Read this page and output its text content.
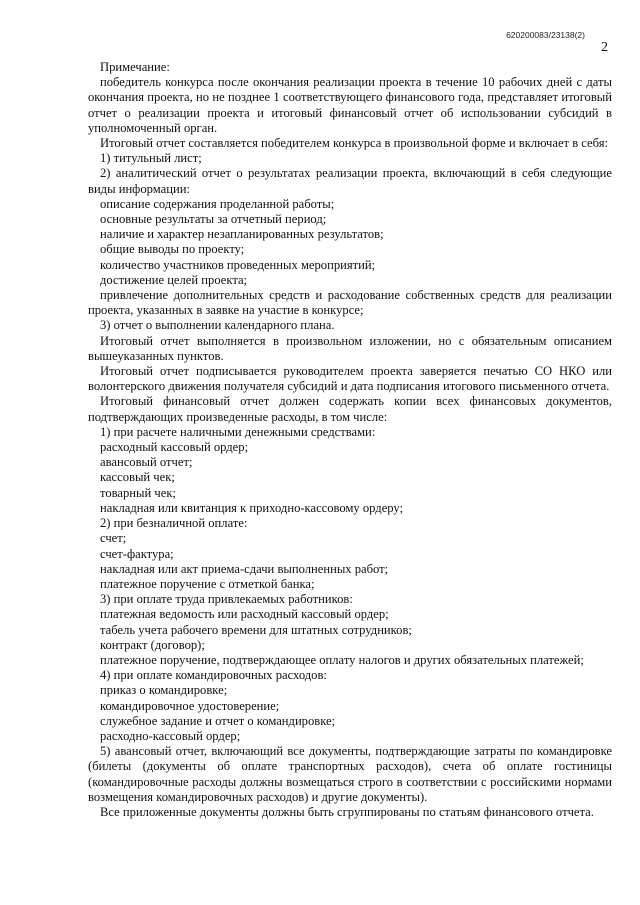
620200083/23138(2)
2

Примечание:

победитель конкурса после окончания реализации проекта в течение 10 рабочих дней с даты окончания проекта, но не позднее 1 соответствующего финансового года, представляет итоговый отчет о реализации проекта и итоговый финансовый отчет об использовании субсидий в уполномоченный орган.

Итоговый отчет составляется победителем конкурса в произвольной форме и включает в себя:

1) титульный лист;

2) аналитический отчет о результатах реализации проекта, включающий в себя следующие виды информации:

описание содержания проделанной работы;

основные результаты за отчетный период;

наличие и характер незапланированных результатов;

общие выводы по проекту;

количество участников проведенных мероприятий;

достижение целей проекта;

привлечение дополнительных средств и расходование собственных средств для реализации проекта, указанных в заявке на участие в конкурсе;

3) отчет о выполнении календарного плана.

Итоговый отчет выполняется в произвольном изложении, но с обязательным описанием вышеуказанных пунктов.

Итоговый отчет подписывается руководителем проекта заверяется печатью СО НКО или волонтерского движения получателя субсидий и дата подписания итогового письменного отчета.

Итоговый финансовый отчет должен содержать копии всех финансовых документов, подтверждающих произведенные расходы, в том числе:

1) при расчете наличными денежными средствами:

расходный кассовый ордер;

авансовый отчет;

кассовый чек;

товарный чек;

накладная или квитанция к приходно-кассовому ордеру;

2) при безналичной оплате:

счет;

счет-фактура;

накладная или акт приема-сдачи выполненных работ;

платежное поручение с отметкой банка;

3) при оплате труда привлекаемых работников:

платежная ведомость или расходный кассовый ордер;

табель учета рабочего времени для штатных сотрудников;

контракт (договор);

платежное поручение, подтверждающее оплату налогов и других обязательных платежей;

4) при оплате командировочных расходов:

приказ о командировке;

командировочное удостоверение;

служебное задание и отчет о командировке;

расходно-кассовый ордер;

5) авансовый отчет, включающий все документы, подтверждающие затраты по командировке (билеты (документы об оплате транспортных расходов), счета об оплате гостиницы (командировочные расходы должны возмещаться строго в соответствии с российскими нормами возмещения командировочных расходов) и другие документы).

Все приложенные документы должны быть сгруппированы по статьям финансового отчета.
